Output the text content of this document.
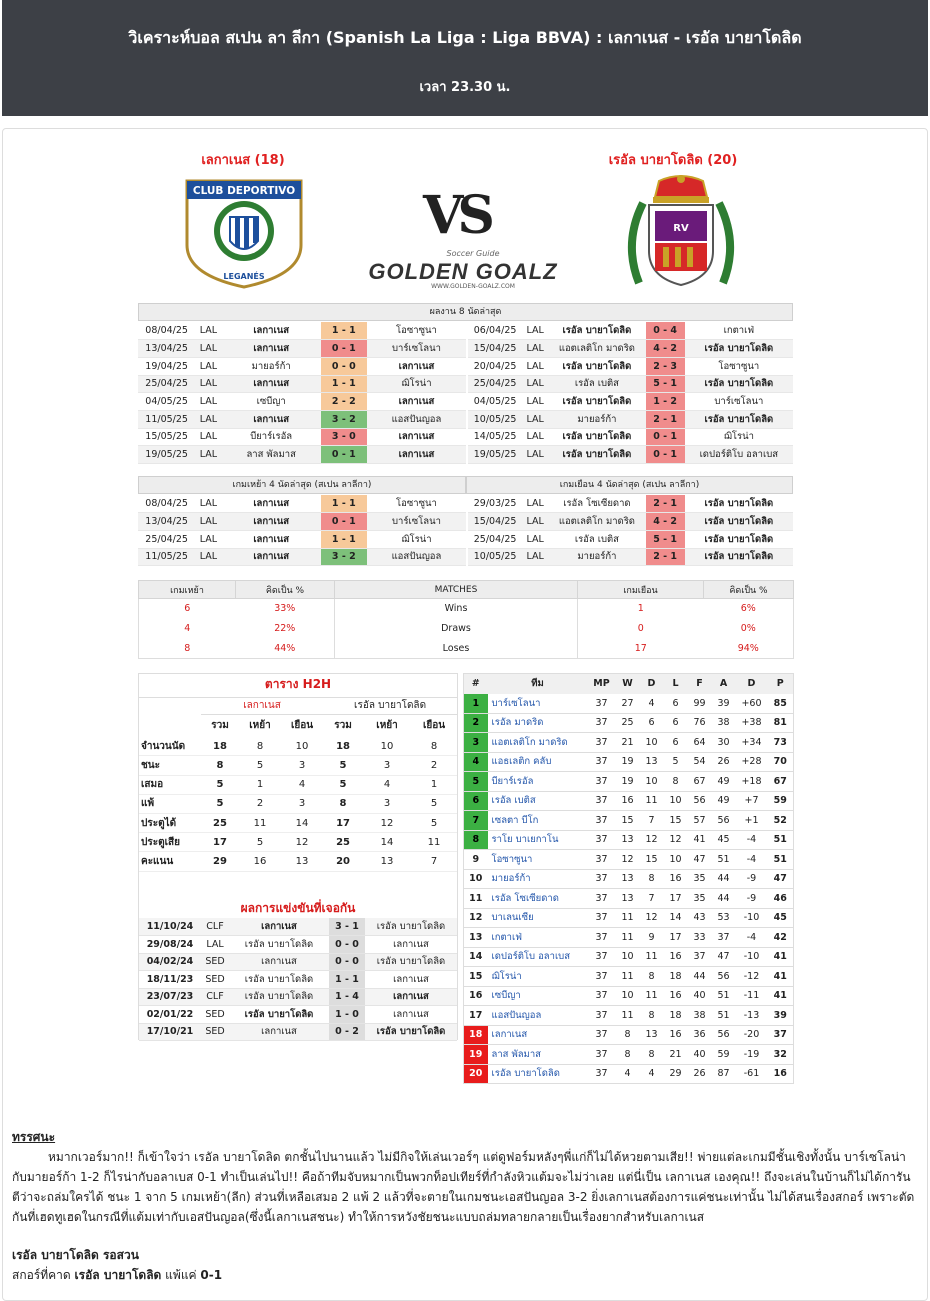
วิเคราะห์บอล สเปน ลา ลีกา (Spanish La Liga : Liga BBVA) : เลกาเนส - เรอัล บายาโดลิด
เวลา 23.30 น.
เลกาเนส (18)	เรอัล บายาโดลิด (20)
CLUB DEPORTIVO
LEGANÉS
VS
Soccer Guide
GOLDEN GOALZ
WWW.GOLDEN-GOALZ.COM
RV
ผลงาน 8 นัดล่าสุด
08/04/25	LAL	เลกาเนส	1 - 1	โอซาซูนา
13/04/25	LAL	เลกาเนส	0 - 1	บาร์เซโลนา
19/04/25	LAL	มายอร์ก้า	0 - 0	เลกาเนส
25/04/25	LAL	เลกาเนส	1 - 1	ฌิโรน่า
04/05/25	LAL	เซบีญา	2 - 2	เลกาเนส
11/05/25	LAL	เลกาเนส	3 - 2	แอสปันญอล
15/05/25	LAL	บียาร์เรอัล	3 - 0	เลกาเนส
19/05/25	LAL	ลาส พัลมาส	0 - 1	เลกาเนส
06/04/25	LAL	เรอัล บายาโดลิด	0 - 4	เกตาเฟ่
15/04/25	LAL	แอตเลติโก มาดริด	4 - 2	เรอัล บายาโดลิด
20/04/25	LAL	เรอัล บายาโดลิด	2 - 3	โอซาซูนา
25/04/25	LAL	เรอัล เบติส	5 - 1	เรอัล บายาโดลิด
04/05/25	LAL	เรอัล บายาโดลิด	1 - 2	บาร์เซโลนา
10/05/25	LAL	มายอร์ก้า	2 - 1	เรอัล บายาโดลิด
14/05/25	LAL	เรอัล บายาโดลิด	0 - 1	ฌิโรน่า
19/05/25	LAL	เรอัล บายาโดลิด	0 - 1	เดปอร์ติโบ อลาเบส
เกมเหย้า 4 นัดล่าสุด (สเปน ลาลีกา)	เกมเยือน 4 นัดล่าสุด (สเปน ลาลีกา)
08/04/25	LAL	เลกาเนส	1 - 1	โอซาซูนา
13/04/25	LAL	เลกาเนส	0 - 1	บาร์เซโลนา
25/04/25	LAL	เลกาเนส	1 - 1	ฌิโรน่า
11/05/25	LAL	เลกาเนส	3 - 2	แอสปันญอล
29/03/25	LAL	เรอัล โซเซียดาด	2 - 1	เรอัล บายาโดลิด
15/04/25	LAL	แอตเลติโก มาดริด	4 - 2	เรอัล บายาโดลิด
25/04/25	LAL	เรอัล เบติส	5 - 1	เรอัล บายาโดลิด
10/05/25	LAL	มายอร์ก้า	2 - 1	เรอัล บายาโดลิด
เกมเหย้า	คิดเป็น %	MATCHES	เกมเยือน	คิดเป็น %
6	33%	Wins	1	6%
4	22%	Draws	0	0%
8	44%	Loses	17	94%
ตาราง H2H
	เลกาเนส			เรอัล บายาโดลิด		
	รวม	เหย้า	เยือน	รวม	เหย้า	เยือน
จำนวนนัด	18	8	10	18	10	8
ชนะ	8	5	3	5	3	2
เสมอ	5	1	4	5	4	1
แพ้	5	2	3	8	3	5
ประตูได้	25	11	14	17	12	5
ประตูเสีย	17	5	12	25	14	11
คะแนน	29	16	13	20	13	7
ผลการแข่งขันที่เจอกัน
11/10/24	CLF	เลกาเนส	3 - 1	เรอัล บายาโดลิด
29/08/24	LAL	เรอัล บายาโดลิด	0 - 0	เลกาเนส
04/02/24	SED	เลกาเนส	0 - 0	เรอัล บายาโดลิด
18/11/23	SED	เรอัล บายาโดลิด	1 - 1	เลกาเนส
23/07/23	CLF	เรอัล บายาโดลิด	1 - 4	เลกาเนส
02/01/22	SED	เรอัล บายาโดลิด	1 - 0	เลกาเนส
17/10/21	SED	เลกาเนส	0 - 2	เรอัล บายาโดลิด
#	ทีม	MP	W	D	L	F	A	D	P
1	บาร์เซโลนา	37	27	4	6	99	39	+60	85
2	เรอัล มาดริด	37	25	6	6	76	38	+38	81
3	แอตเลติโก มาดริด	37	21	10	6	64	30	+34	73
4	แอธเลติก คลับ	37	19	13	5	54	26	+28	70
5	บียาร์เรอัล	37	19	10	8	67	49	+18	67
6	เรอัล เบติส	37	16	11	10	56	49	+7	59
7	เซลตา บีโก	37	15	7	15	57	56	+1	52
8	ราโย บาเยกาโน	37	13	12	12	41	45	-4	51
9	โอซาซูนา	37	12	15	10	47	51	-4	51
10	มายอร์ก้า	37	13	8	16	35	44	-9	47
11	เรอัล โซเซียดาด	37	13	7	17	35	44	-9	46
12	บาเลนเซีย	37	11	12	14	43	53	-10	45
13	เกตาเฟ่	37	11	9	17	33	37	-4	42
14	เดปอร์ติโบ อลาเบส	37	10	11	16	37	47	-10	41
15	ฌิโรน่า	37	11	8	18	44	56	-12	41
16	เซบีญา	37	10	11	16	40	51	-11	41
17	แอสปันญอล	37	11	8	18	38	51	-13	39
18	เลกาเนส	37	8	13	16	36	56	-20	37
19	ลาส พัลมาส	37	8	8	21	40	59	-19	32
20	เรอัล บายาโดลิด	37	4	4	29	26	87	-61	16
ทรรศนะ
หมากเวอร์มาก!! ก็เข้าใจว่า เรอัล บายาโดลิด ตกชั้นไปนานแล้ว ไม่มีกิจให้เล่นเวอร์ๆ แต่ดูฟอร์มหลังๆพี่แก่ก็ไม่ได้หวยตามเสีย!! พ่ายแต่ละเกมมีชั้นเชิงทั้งนั้น บาร์เซโลน่ากับมายอร์ก้า 1-2 ก็ไรน่ากับอลาเบส 0-1 ทำเป็นเล่นไป!! คือถ้าทีมจับหมากเป็นพวกท็อปเทียร์ที่กำลังหิวแต้มจะไม่ว่าเลย แต่นี่เป็น เลกาเนส เองคุณ!! ถึงจะเล่นในบ้านก็ไม่ได้การันตีว่าจะถล่มใครได้ ชนะ 1 จาก 5 เกมเหย้า(ลีก) ส่วนที่เหลือเสมอ 2 แพ้ 2 แล้วที่จะตายในเกมชนะเอสปันญอล 3-2 ยิ่งเลกาเนสต้องการแค่ชนะเท่านั้น ไม่ได้สนเรื่องสกอร์ เพราะตัดกันที่เฮดทูเฮดในกรณีที่แต้มเท่ากับเอสปันญอล(ซึ่งนี้เลกาเนสชนะ) ทำให้การหวังชัยชนะแบบถล่มทลายกลายเป็นเรื่องยากสำหรับเลกาเนส
เรอัล บายาโดลิด รอสวน
สกอร์ที่คาด เรอัล บายาโดลิด แพ้แค่ 0-1
